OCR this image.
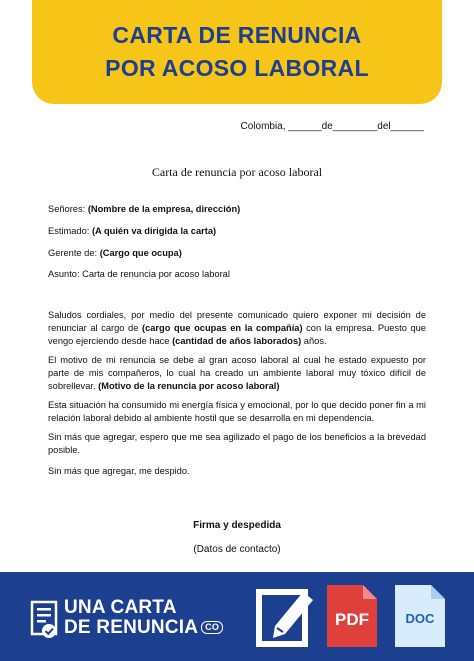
CARTA DE RENUNCIA
POR ACOSO LABORAL
Colombia, ______de________del______
Carta de renuncia por acoso laboral
Señores: (Nombre de la empresa, dirección)
Estimado: (A quién va dirigida la carta)
Gerente de: (Cargo que ocupa)
Asunto: Carta de renuncia por acoso laboral

Saludos cordiales, por medio del presente comunicado quiero exponer mi decisión de renunciar al cargo de (cargo que ocupas en la compañía) con la empresa. Puesto que vengo ejerciendo desde hace (cantidad de años laborados) años.

El motivo de mi renuncia se debe al gran acoso laboral al cual he estado expuesto por parte de mis compañeros, lo cual ha creado un ambiente laboral muy tóxico difícil de sobrellevar. (Motivo de la renuncia por acoso laboral)

Esta situación ha consumido mi energía física y emocional, por lo que decido poner fin a mi relación laboral debido al ambiente hostil que se desarrolla en mi dependencia.

Sin más que agregar, espero que me sea agilizado el pago de los beneficios a la brevedad posible.

Sin más que agregar, me despido.

Firma y despedida
(Datos de contacto)
UNA CARTA
DE RENUNCIA CO	PDF	DOC
